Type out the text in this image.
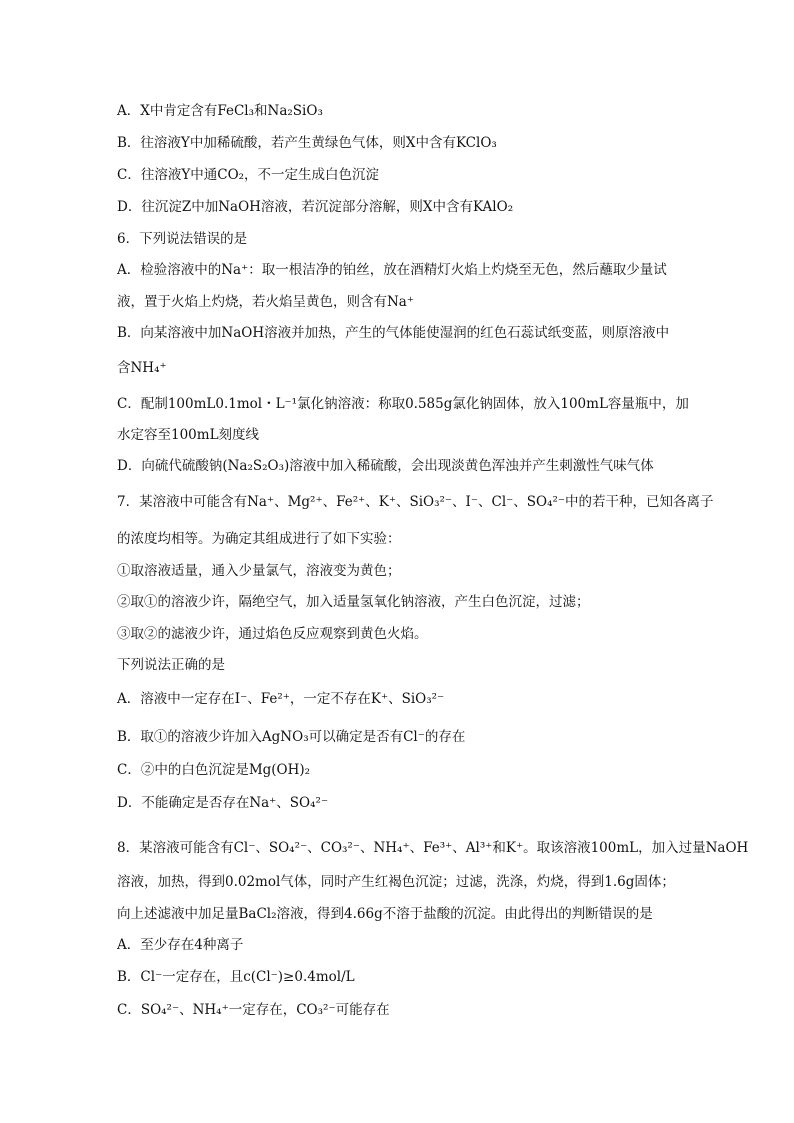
A．X中肯定含有FeCl₃和Na₂SiO₃
B．往溶液Y中加稀硫酸，若产生黄绿色气体，则X中含有KClO₃
C．往溶液Y中通CO₂，不一定生成白色沉淀
D．往沉淀Z中加NaOH溶液，若沉淀部分溶解，则X中含有KAlO₂
6．下列说法错误的是
A．检验溶液中的Na⁺：取一根洁净的铂丝，放在酒精灯火焰上灼烧至无色，然后蘸取少量试
液，置于火焰上灼烧，若火焰呈黄色，则含有Na⁺
B．向某溶液中加NaOH溶液并加热，产生的气体能使湿润的红色石蕊试纸变蓝，则原溶液中
含NH₄⁺
C．配制100mL0.1mol・L⁻¹氯化钠溶液：称取0.585g氯化钠固体，放入100mL容量瓶中，加
水定容至100mL刻度线
D．向硫代硫酸钠(Na₂S₂O₃)溶液中加入稀硫酸，会出现淡黄色浑浊并产生刺激性气味气体
7．某溶液中可能含有Na⁺、Mg²⁺、Fe²⁺、K⁺、SiO₃²⁻、I⁻、Cl⁻、SO₄²⁻中的若干种，已知各离子
的浓度均相等。为确定其组成进行了如下实验：
①取溶液适量，通入少量氯气，溶液变为黄色；
②取①的溶液少许，隔绝空气，加入适量氢氧化钠溶液，产生白色沉淀，过滤；
③取②的滤液少许，通过焰色反应观察到黄色火焰。
下列说法正确的是
A．溶液中一定存在I⁻、Fe²⁺，一定不存在K⁺、SiO₃²⁻
B．取①的溶液少许加入AgNO₃可以确定是否有Cl⁻的存在
C．②中的白色沉淀是Mg(OH)₂
D．不能确定是否存在Na⁺、SO₄²⁻
8．某溶液可能含有Cl⁻、SO₄²⁻、CO₃²⁻、NH₄⁺、Fe³⁺、Al³⁺和K⁺。取该溶液100mL，加入过量NaOH
溶液，加热，得到0.02mol气体，同时产生红褐色沉淀；过滤，洗涤，灼烧，得到1.6g固体；
向上述滤液中加足量BaCl₂溶液，得到4.66g不溶于盐酸的沉淀。由此得出的判断错误的是
A．至少存在4种离子
B．Cl⁻一定存在，且c(Cl⁻)≥0.4mol/L
C．SO₄²⁻、NH₄⁺一定存在，CO₃²⁻可能存在
